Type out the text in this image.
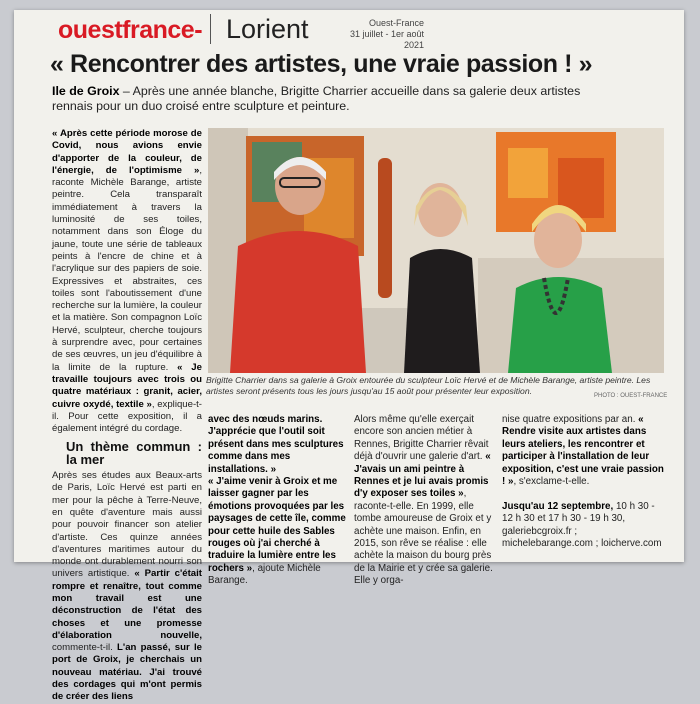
ouestfrance- Lorient	Ouest-France
31 juillet - 1er août 2021
« Rencontrer des artistes, une vraie passion ! »
Ile de Groix – Après une année blanche, Brigitte Charrier accueille dans sa galerie deux artistes rennais pour un duo croisé entre sculpture et peinture.
« Après cette période morose de Covid, nous avions envie d'apporter de la couleur, de l'énergie, de l'optimisme », raconte Michèle Barange, artiste peintre. Cela transparaît immédiatement à travers la luminosité de ses toiles, notamment dans son Éloge du jaune, toute une série de tableaux peints à l'encre de chine et à l'acrylique sur des papiers de soie. Expressives et abstraites, ces toiles sont l'aboutissement d'une recherche sur la lumière, la couleur et la matière. Son compagnon Loïc Hervé, sculpteur, cherche toujours à surprendre avec, pour certaines de ses œuvres, un jeu d'équilibre à la limite de la rupture. « Je travaille toujours avec trois ou quatre matériaux : granit, acier, cuivre oxydé, textile », explique-t-il. Pour cette exposition, il a également intégré du cordage.
Un thème commun : la mer
Après ses études aux Beaux-arts de Paris, Loïc Hervé est parti en mer pour la pêche à Terre-Neuve, en quête d'aventure mais aussi pour pouvoir financer son atelier d'artiste. Ces quinze années d'aventures maritimes autour du monde ont durablement nourri son univers artistique. « Partir c'était rompre et renaître, tout comme mon travail est une déconstruction de l'état des choses et une promesse d'élaboration nouvelle, commente-t-il. L'an passé, sur le port de Groix, je cherchais un nouveau matériau. J'ai trouvé des cordages qui m'ont permis de créer des liens
Brigitte Charrier dans sa galerie à Groix entourée du sculpteur Loïc Hervé et de Michèle Barange, artiste peintre. Les artistes seront présents tous les jours jusqu'au 15 août pour présenter leur exposition.
PHOTO : OUEST-FRANCE
avec des nœuds marins. J'apprécie que l'outil soit présent dans mes sculptures comme dans mes installations. »
« J'aime venir à Groix et me laisser gagner par les émotions provoquées par les paysages de cette île, comme pour cette huile des Sables rouges où j'ai cherché à traduire la lumière entre les rochers », ajoute Michèle Barange.
Alors même qu'elle exerçait encore son ancien métier à Rennes, Brigitte Charrier rêvait déjà d'ouvrir une galerie d'art. « J'avais un ami peintre à Rennes et je lui avais promis d'y exposer ses toiles », raconte-t-elle. En 1999, elle tombe amoureuse de Groix et y achète une maison. Enfin, en 2015, son rêve se réalise : elle achète la maison du bourg près de la Mairie et y crée sa galerie. Elle y orga-
nise quatre expositions par an. « Rendre visite aux artistes dans leurs ateliers, les rencontrer et participer à l'installation de leur exposition, c'est une vraie passion ! », s'exclame-t-elle.

Jusqu'au 12 septembre, 10 h 30 - 12 h 30 et 17 h 30 - 19 h 30, galeriebcgroix.fr ; michelebarange.com ; loicherve.com
